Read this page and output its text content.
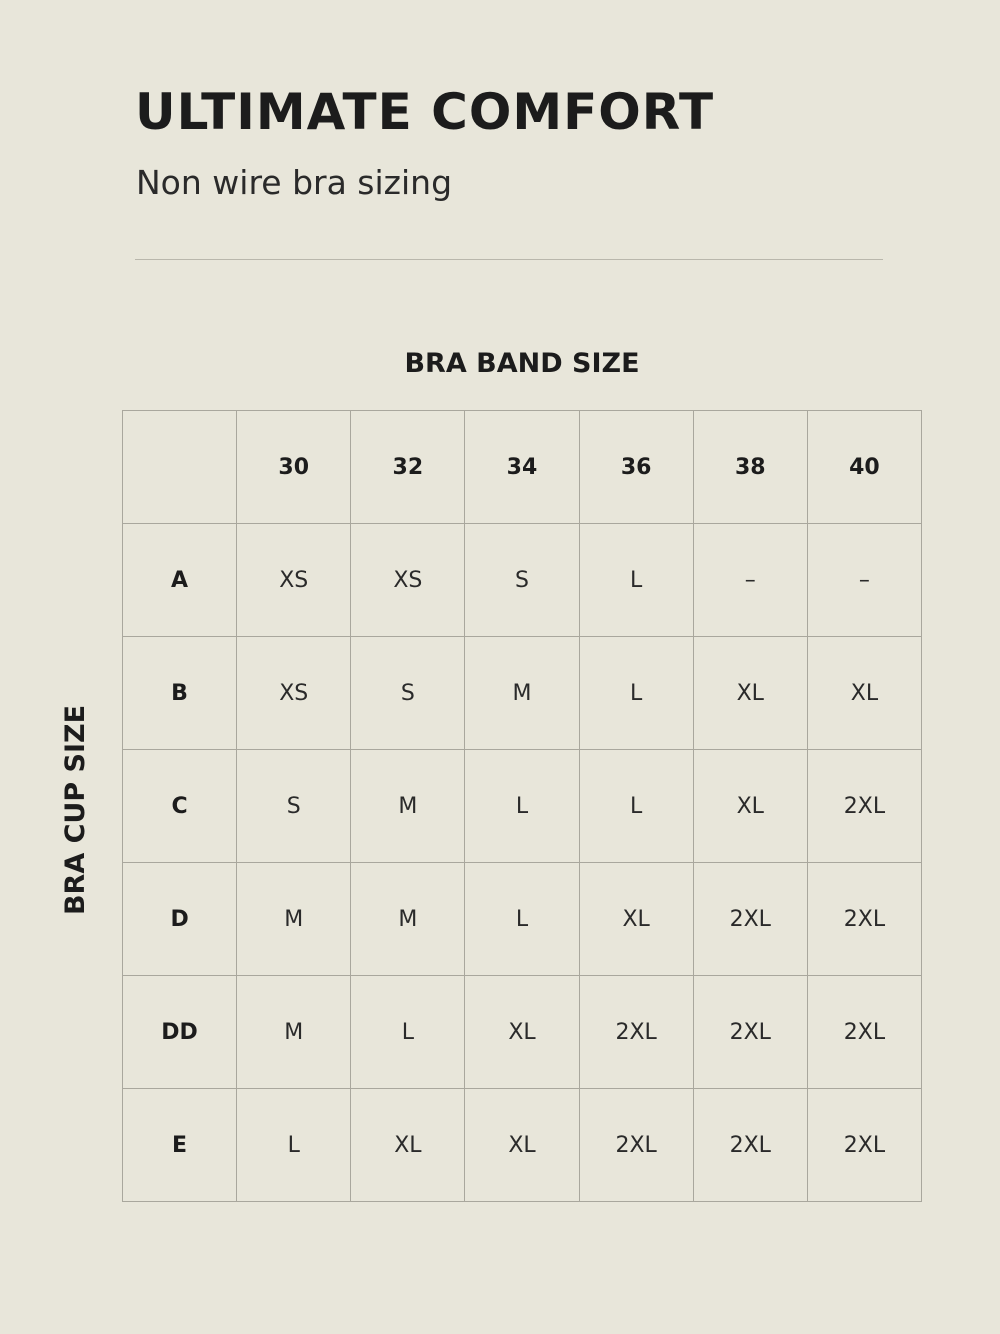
ULTIMATE COMFORT
Non wire bra sizing
BRA BAND SIZE
BRA CUP SIZE
	30	32	34	36	38	40
A	XS	XS	S	L	–	–
B	XS	S	M	L	XL	XL
C	S	M	L	L	XL	2XL
D	M	M	L	XL	2XL	2XL
DD	M	L	XL	2XL	2XL	2XL
E	L	XL	XL	2XL	2XL	2XL
